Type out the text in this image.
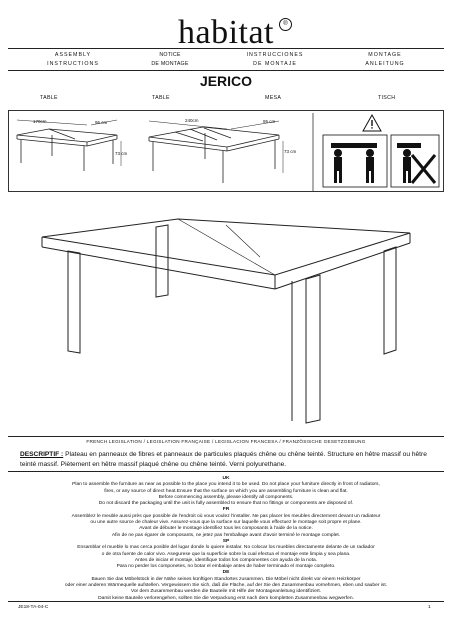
habitat	®
ASSEMBLY
INSTRUCTIONS
NOTICE
DE MONTAGE
INSTRUCCIONES
DE MONTAJE
MONTAGE
ANLEITUNG
JERICO
TABLE	TABLE	MESA	TISCH
170cm	95 cm
73 cm
240cm	95 cm
73 cm
FRENCH LEGISLATION / LEGISLATION FRANÇAISE / LEGISLACION FRANCESA / FRANZÖSISCHE GESETZGEBUNG
DESCRIPTIF : Plateau en panneaux de fibres et panneaux de particules plaqués chêne ou chêne teinté. Structure en hêtre massif ou hêtre teinté massif. Piètement en hêtre massif plaqué chêne ou chêne teinté. Verni polyurethane.
UK
Plan to assemble the furniture as near as possible to the place you intend it to be used. Do not place your furniture directly in front of radiators,
fires, or any source of direct heat.Ensure that the surface on which you are assembling furniture is clean and flat.
Before commencing assembly, please identify all components.
Do not discard the packaging until the unit is fully assembled to ensure that no fittings or components are disposed of.
FR
Assemblez le meuble aussi près que possible de l'endroit où vous voulez l'installer. Ne pas placer les meubles directement devant un radiateur
ou une autre source de chaleur vive. Assurez-vous que la surface sur laquelle vous effectuez le montage soit propre et plane.
Avant de débuter le montage identifiez tous les composants à l'aide de la notice.
Afin de ne pas égarer de composants, ne jetez pas l'emballage avant d'avoir terminé le montage complet.
SP
Ensamblar el mueble lo mas cerca posible del lugar donde lo quiere instalar. No colocar los muebles directamente delante de un radiador
o de otra fuente de calor vivo. Asegurese que la superficie sobre la cual efectua el montaje este limpia y sea plana.
Antes de iniciar el montaje, identifique todos los componentes con ayuda de la nota.
Para no perder los componetes, no botar el embalaje antes de haber terminado el montaje completo.
DE
Bauen Sie das Möbelstück in der Nähe seines künftigen Standortes zusammen. Die Möbel nicht direkt vor einem Heizkörper
oder einer anderen Wärmequelle aufstellen. Vergewissern Sie sich, daß die Fläche, auf der Sie den Zusammenbau vornehmen, eben und sauber ist.
Vor dem Zusammenbau werden die Bauteile mit Hilfe der Montageanleitung identifiziert.
Damit keine Bauteile verlorengehen, sollten Sie die Verpackung erst nach dem kompletten Zusammenbau wegwerfen.
JE18-TA-04-C	1
